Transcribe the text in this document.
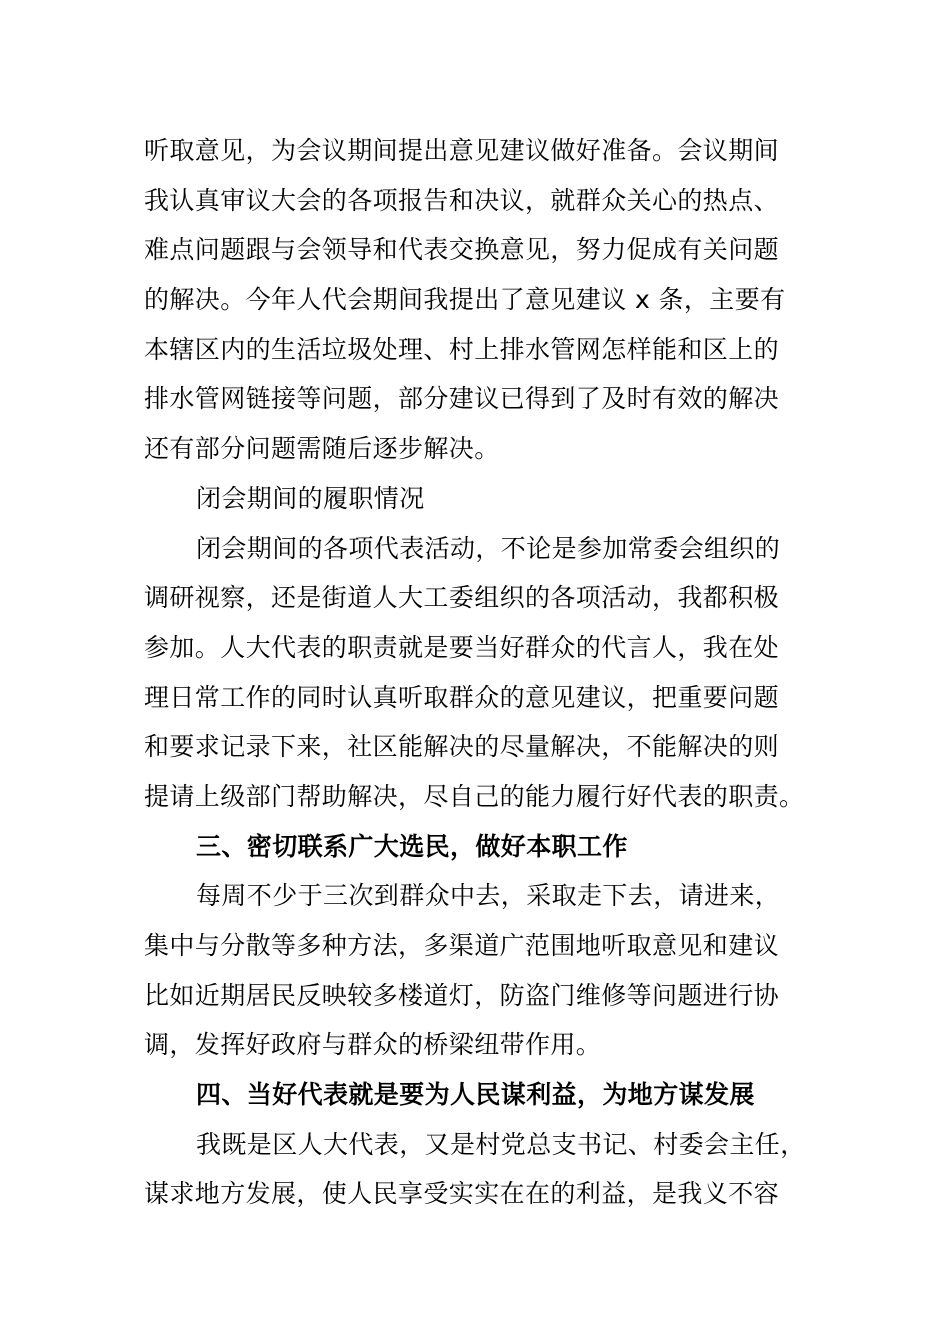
听取意见，为会议期间提出意见建议做好准备。会议期间
我认真审议大会的各项报告和决议，就群众关心的热点、
难点问题跟与会领导和代表交换意见，努力促成有关问题
的解决。今年人代会期间我提出了意见建议 x 条，主要有
本辖区内的生活垃圾处理、村上排水管网怎样能和区上的
排水管网链接等问题，部分建议已得到了及时有效的解决
还有部分问题需随后逐步解决。
闭会期间的履职情况
闭会期间的各项代表活动，不论是参加常委会组织的
调研视察，还是街道人大工委组织的各项活动，我都积极
参加。人大代表的职责就是要当好群众的代言人，我在处
理日常工作的同时认真听取群众的意见建议，把重要问题
和要求记录下来，社区能解决的尽量解决，不能解决的则
提请上级部门帮助解决，尽自己的能力履行好代表的职责。
三、密切联系广大选民，做好本职工作
每周不少于三次到群众中去，采取走下去，请进来，
集中与分散等多种方法，多渠道广范围地听取意见和建议
比如近期居民反映较多楼道灯，防盗门维修等问题进行协
调，发挥好政府与群众的桥梁纽带作用。
四、当好代表就是要为人民谋利益，为地方谋发展
我既是区人大代表，又是村党总支书记、村委会主任，
谋求地方发展，使人民享受实实在在的利益，是我义不容
